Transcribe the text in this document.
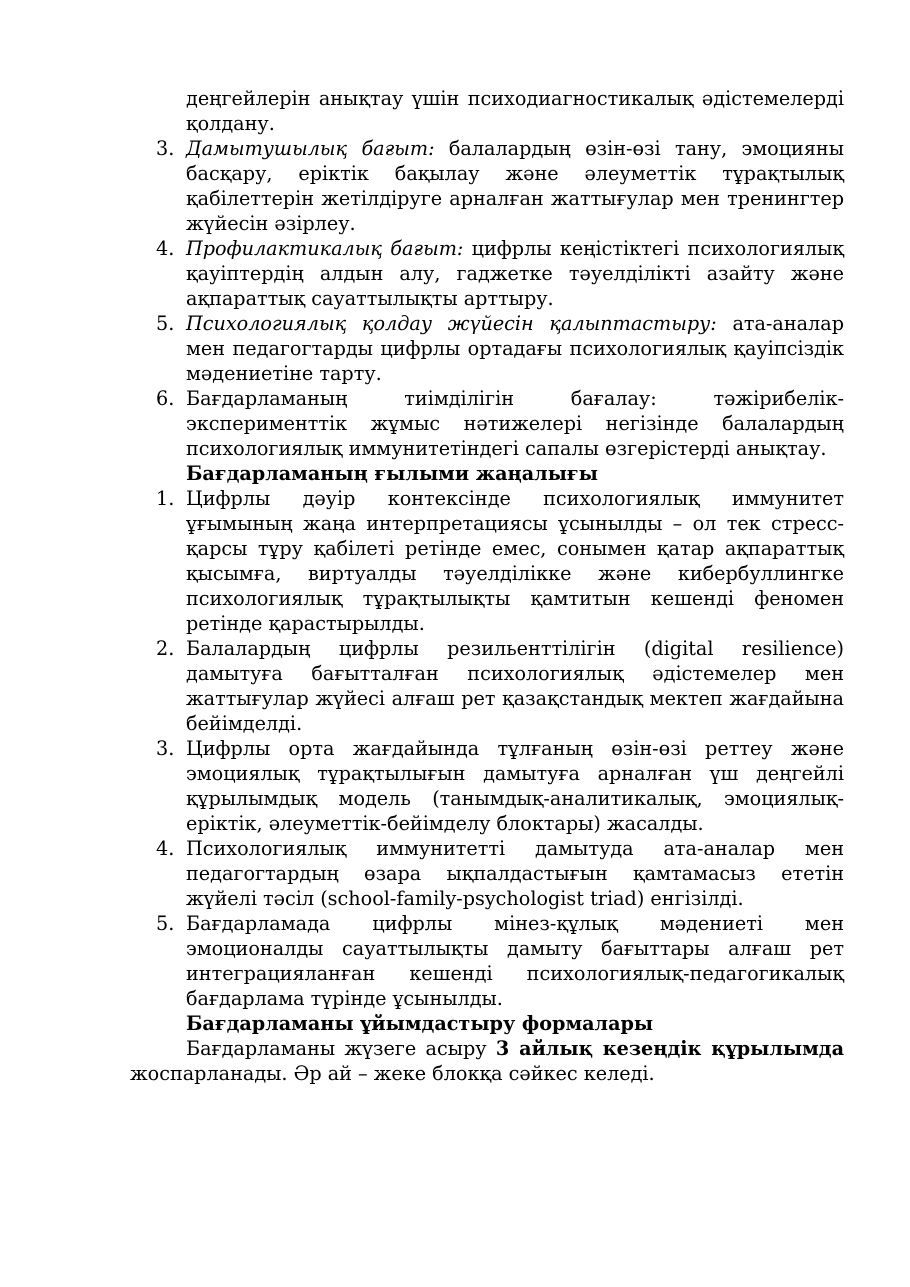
деңгейлерін анықтау үшін психодиагностикалық әдістемелерді қолдану.
3. Дамытушылық бағыт: балалардың өзін-өзі тану, эмоцияны басқару, еріктік бақылау және әлеуметтік тұрақтылық қабілеттерін жетілдіруге арналған жаттығулар мен тренингтер жүйесін әзірлеу.
4. Профилактикалық бағыт: цифрлы кеңістіктегі психологиялық қауіптердің алдын алу, гаджетке тәуелділікті азайту және ақпараттық сауаттылықты арттыру.
5. Психологиялық қолдау жүйесін қалыптастыру: ата-аналар мен педагогтарды цифрлы ортадағы психологиялық қауіпсіздік мәдениетіне тарту.
6. Бағдарламаның тиімділігін бағалау: тәжірибелік-эксперименттік жұмыс нәтижелері негізінде балалардың психологиялық иммунитетіндегі сапалы өзгерістерді анықтау.
Бағдарламаның ғылыми жаңалығы
1. Цифрлы дәуір контексінде психологиялық иммунитет ұғымының жаңа интерпретациясы ұсынылды – ол тек стресс-қарсы тұру қабілеті ретінде емес, сонымен қатар ақпараттық қысымға, виртуалды тәуелділікке және кибербуллингке психологиялық тұрақтылықты қамтитын кешенді феномен ретінде қарастырылды.
2. Балалардың цифрлы резильенттілігін (digital resilience) дамытуға бағытталған психологиялық әдістемелер мен жаттығулар жүйесі алғаш рет қазақстандық мектеп жағдайына бейімделді.
3. Цифрлы орта жағдайында тұлғаның өзін-өзі реттеу және эмоциялық тұрақтылығын дамытуға арналған үш деңгейлі құрылымдық модель (танымдық-аналитикалық, эмоциялық-еріктік, әлеуметтік-бейімделу блоктары) жасалды.
4. Психологиялық иммунитетті дамытуда ата-аналар мен педагогтардың өзара ықпалдастығын қамтамасыз ететін жүйелі тәсіл (school-family-psychologist triad) енгізілді.
5. Бағдарламада цифрлы мінез-құлық мәдениеті мен эмоционалды сауаттылықты дамыту бағыттары алғаш рет интеграцияланған кешенді психологиялық-педагогикалық бағдарлама түрінде ұсынылды.
Бағдарламаны ұйымдастыру формалары
Бағдарламаны жүзеге асыру 3 айлық кезеңдік құрылымда жоспарланады. Әр ай – жеке блокқа сәйкес келеді.
